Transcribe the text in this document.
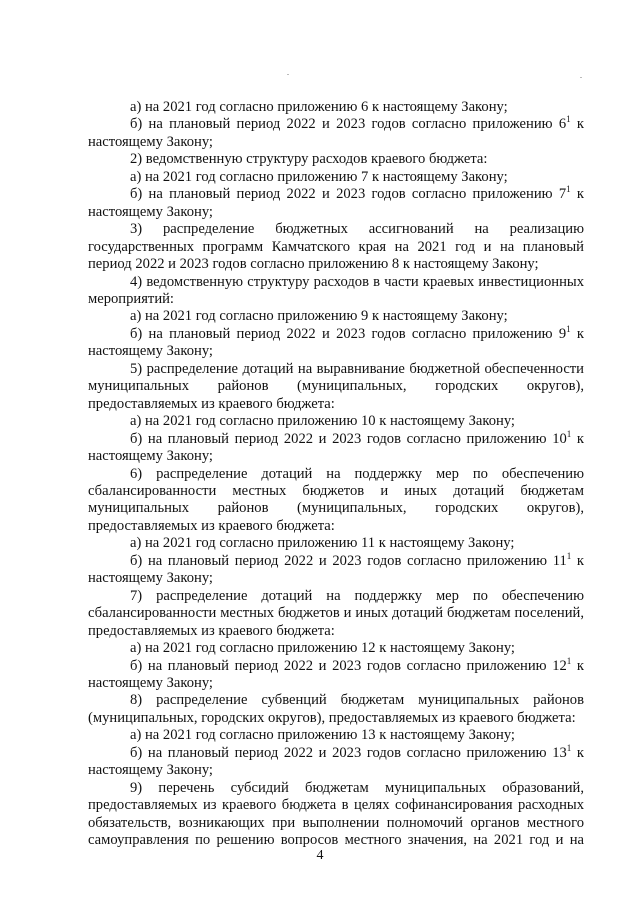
а) на 2021 год согласно приложению 6 к настоящему Закону;

б) на плановый период 2022 и 2023 годов согласно приложению $6^1$ к настоящему Закону;

2) ведомственную структуру расходов краевого бюджета:

а) на 2021 год согласно приложению 7 к настоящему Закону;

б) на плановый период 2022 и 2023 годов согласно приложению $7^1$ к настоящему Закону;

3) распределение бюджетных ассигнований на реализацию государственных программ Камчатского края на 2021 год и на плановый период 2022 и 2023 годов согласно приложению 8 к настоящему Закону;

4) ведомственную структуру расходов в части краевых инвестиционных мероприятий:

а) на 2021 год согласно приложению 9 к настоящему Закону;

б) на плановый период 2022 и 2023 годов согласно приложению $9^1$ к настоящему Закону;

5) распределение дотаций на выравнивание бюджетной обеспеченности муниципальных районов (муниципальных, городских округов), предоставляемых из краевого бюджета:

а) на 2021 год согласно приложению 10 к настоящему Закону;

б) на плановый период 2022 и 2023 годов согласно приложению $10^1$ к настоящему Закону;

6) распределение дотаций на поддержку мер по обеспечению сбалансированности местных бюджетов и иных дотаций бюджетам муниципальных районов (муниципальных, городских округов), предоставляемых из краевого бюджета:

а) на 2021 год согласно приложению 11 к настоящему Закону;

б) на плановый период 2022 и 2023 годов согласно приложению $11^1$ к настоящему Закону;

7) распределение дотаций на поддержку мер по обеспечению сбалансированности местных бюджетов и иных дотаций бюджетам поселений, предоставляемых из краевого бюджета:

а) на 2021 год согласно приложению 12 к настоящему Закону;

б) на плановый период 2022 и 2023 годов согласно приложению $12^1$ к настоящему Закону;

8) распределение субвенций бюджетам муниципальных районов (муниципальных, городских округов), предоставляемых из краевого бюджета:

а) на 2021 год согласно приложению 13 к настоящему Закону;

б) на плановый период 2022 и 2023 годов согласно приложению $13^1$ к настоящему Закону;

9) перечень субсидий бюджетам муниципальных образований, предоставляемых из краевого бюджета в целях софинансирования расходных обязательств, возникающих при выполнении полномочий органов местного самоуправления по решению вопросов местного значения, на 2021 год и на

4
